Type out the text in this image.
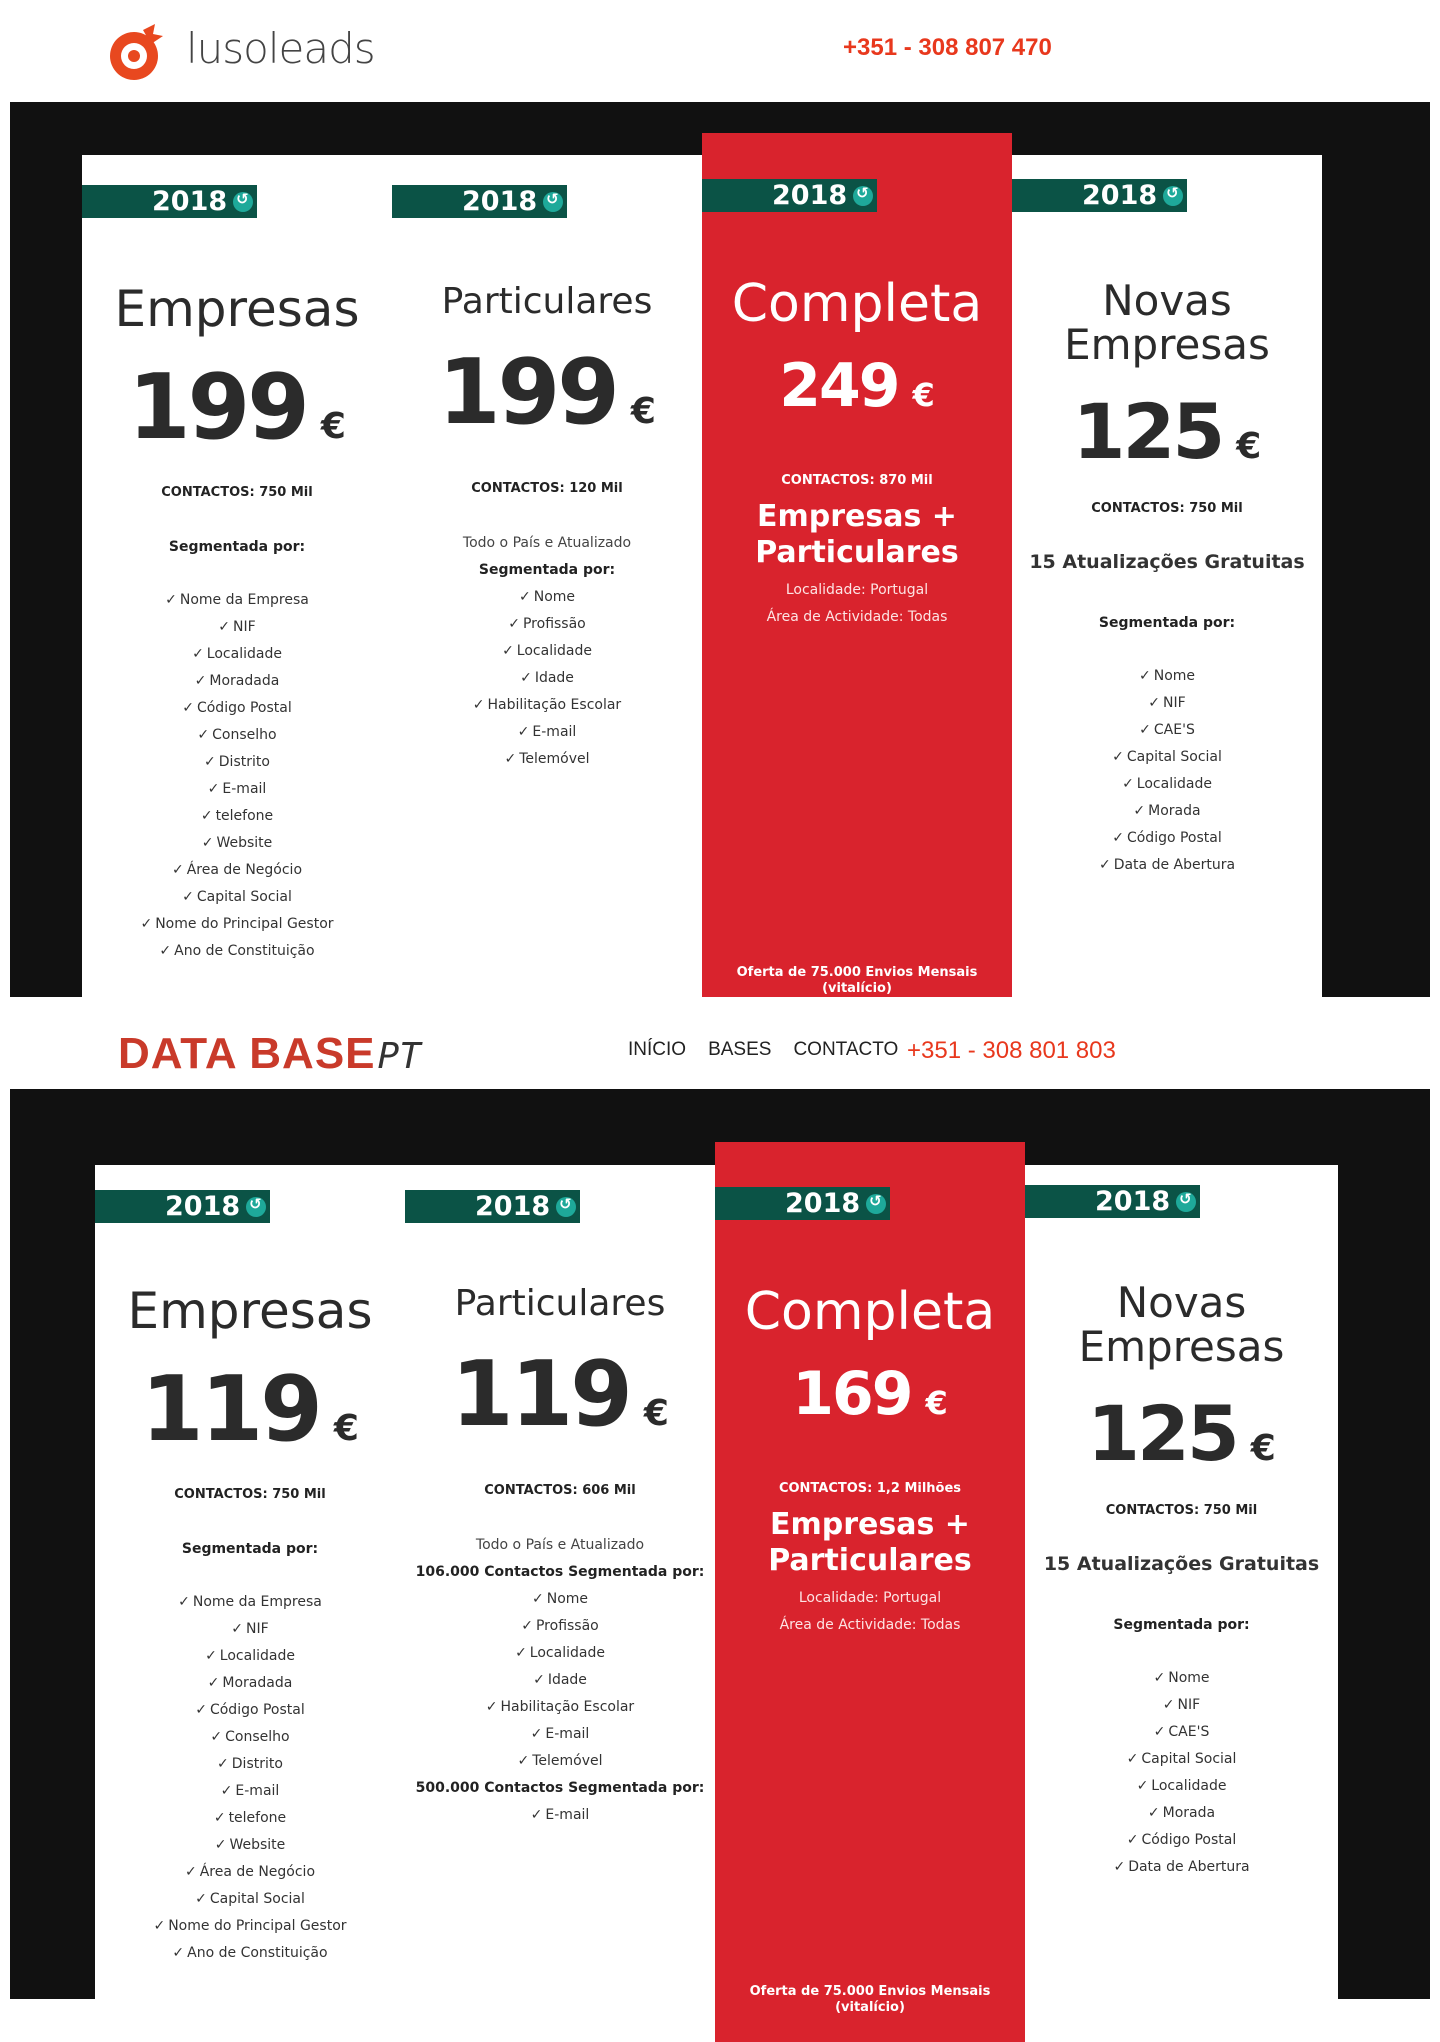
lusoleads	+351 - 308 807 470
2018
↺
Empresas
199 €
CONTACTOS: 750 Mil
Segmentada por:
✓ Nome da Empresa
✓ NIF
✓ Localidade
✓ Moradada
✓ Código Postal
✓ Conselho
✓ Distrito
✓ E-mail
✓ telefone
✓ Website
✓ Área de Negócio
✓ Capital Social
✓ Nome do Principal Gestor
✓ Ano de Constituição
2018
↺
Particulares
199 €
CONTACTOS: 120 Mil
Todo o País e Atualizado
Segmentada por:
✓ Nome
✓ Profissão
✓ Localidade
✓ Idade
✓ Habilitação Escolar
✓ E-mail
✓ Telemóvel
2018
↺
Completa
249 €
CONTACTOS: 870 Mil
Empresas +
Particulares
Localidade: Portugal
Área de Actividade: Todas
Oferta de 75.000 Envios Mensais
(vitalício)
2018
↺
Novas
Empresas
125 €
CONTACTOS: 750 Mil
15 Atualizações Gratuitas
Segmentada por:
✓ Nome
✓ NIF
✓ CAE'S
✓ Capital Social
✓ Localidade
✓ Morada
✓ Código Postal
✓ Data de Abertura
DATA BASEPT	INÍCIO BASES CONTACTO +351 - 308 801 803
2018
↺
Empresas
119 €
CONTACTOS: 750 Mil
Segmentada por:
✓ Nome da Empresa
✓ NIF
✓ Localidade
✓ Moradada
✓ Código Postal
✓ Conselho
✓ Distrito
✓ E-mail
✓ telefone
✓ Website
✓ Área de Negócio
✓ Capital Social
✓ Nome do Principal Gestor
✓ Ano de Constituição
2018
↺
Particulares
119 €
CONTACTOS: 606 Mil
Todo o País e Atualizado
106.000 Contactos Segmentada por:
✓ Nome
✓ Profissão
✓ Localidade
✓ Idade
✓ Habilitação Escolar
✓ E-mail
✓ Telemóvel
500.000 Contactos Segmentada por:
✓ E-mail
2018
↺
Completa
169 €
CONTACTOS: 1,2 Milhões
Empresas +
Particulares
Localidade: Portugal
Área de Actividade: Todas
Oferta de 75.000 Envios Mensais
(vitalício)
2018
↺
Novas
Empresas
125 €
CONTACTOS: 750 Mil
15 Atualizações Gratuitas
Segmentada por:
✓ Nome
✓ NIF
✓ CAE'S
✓ Capital Social
✓ Localidade
✓ Morada
✓ Código Postal
✓ Data de Abertura
